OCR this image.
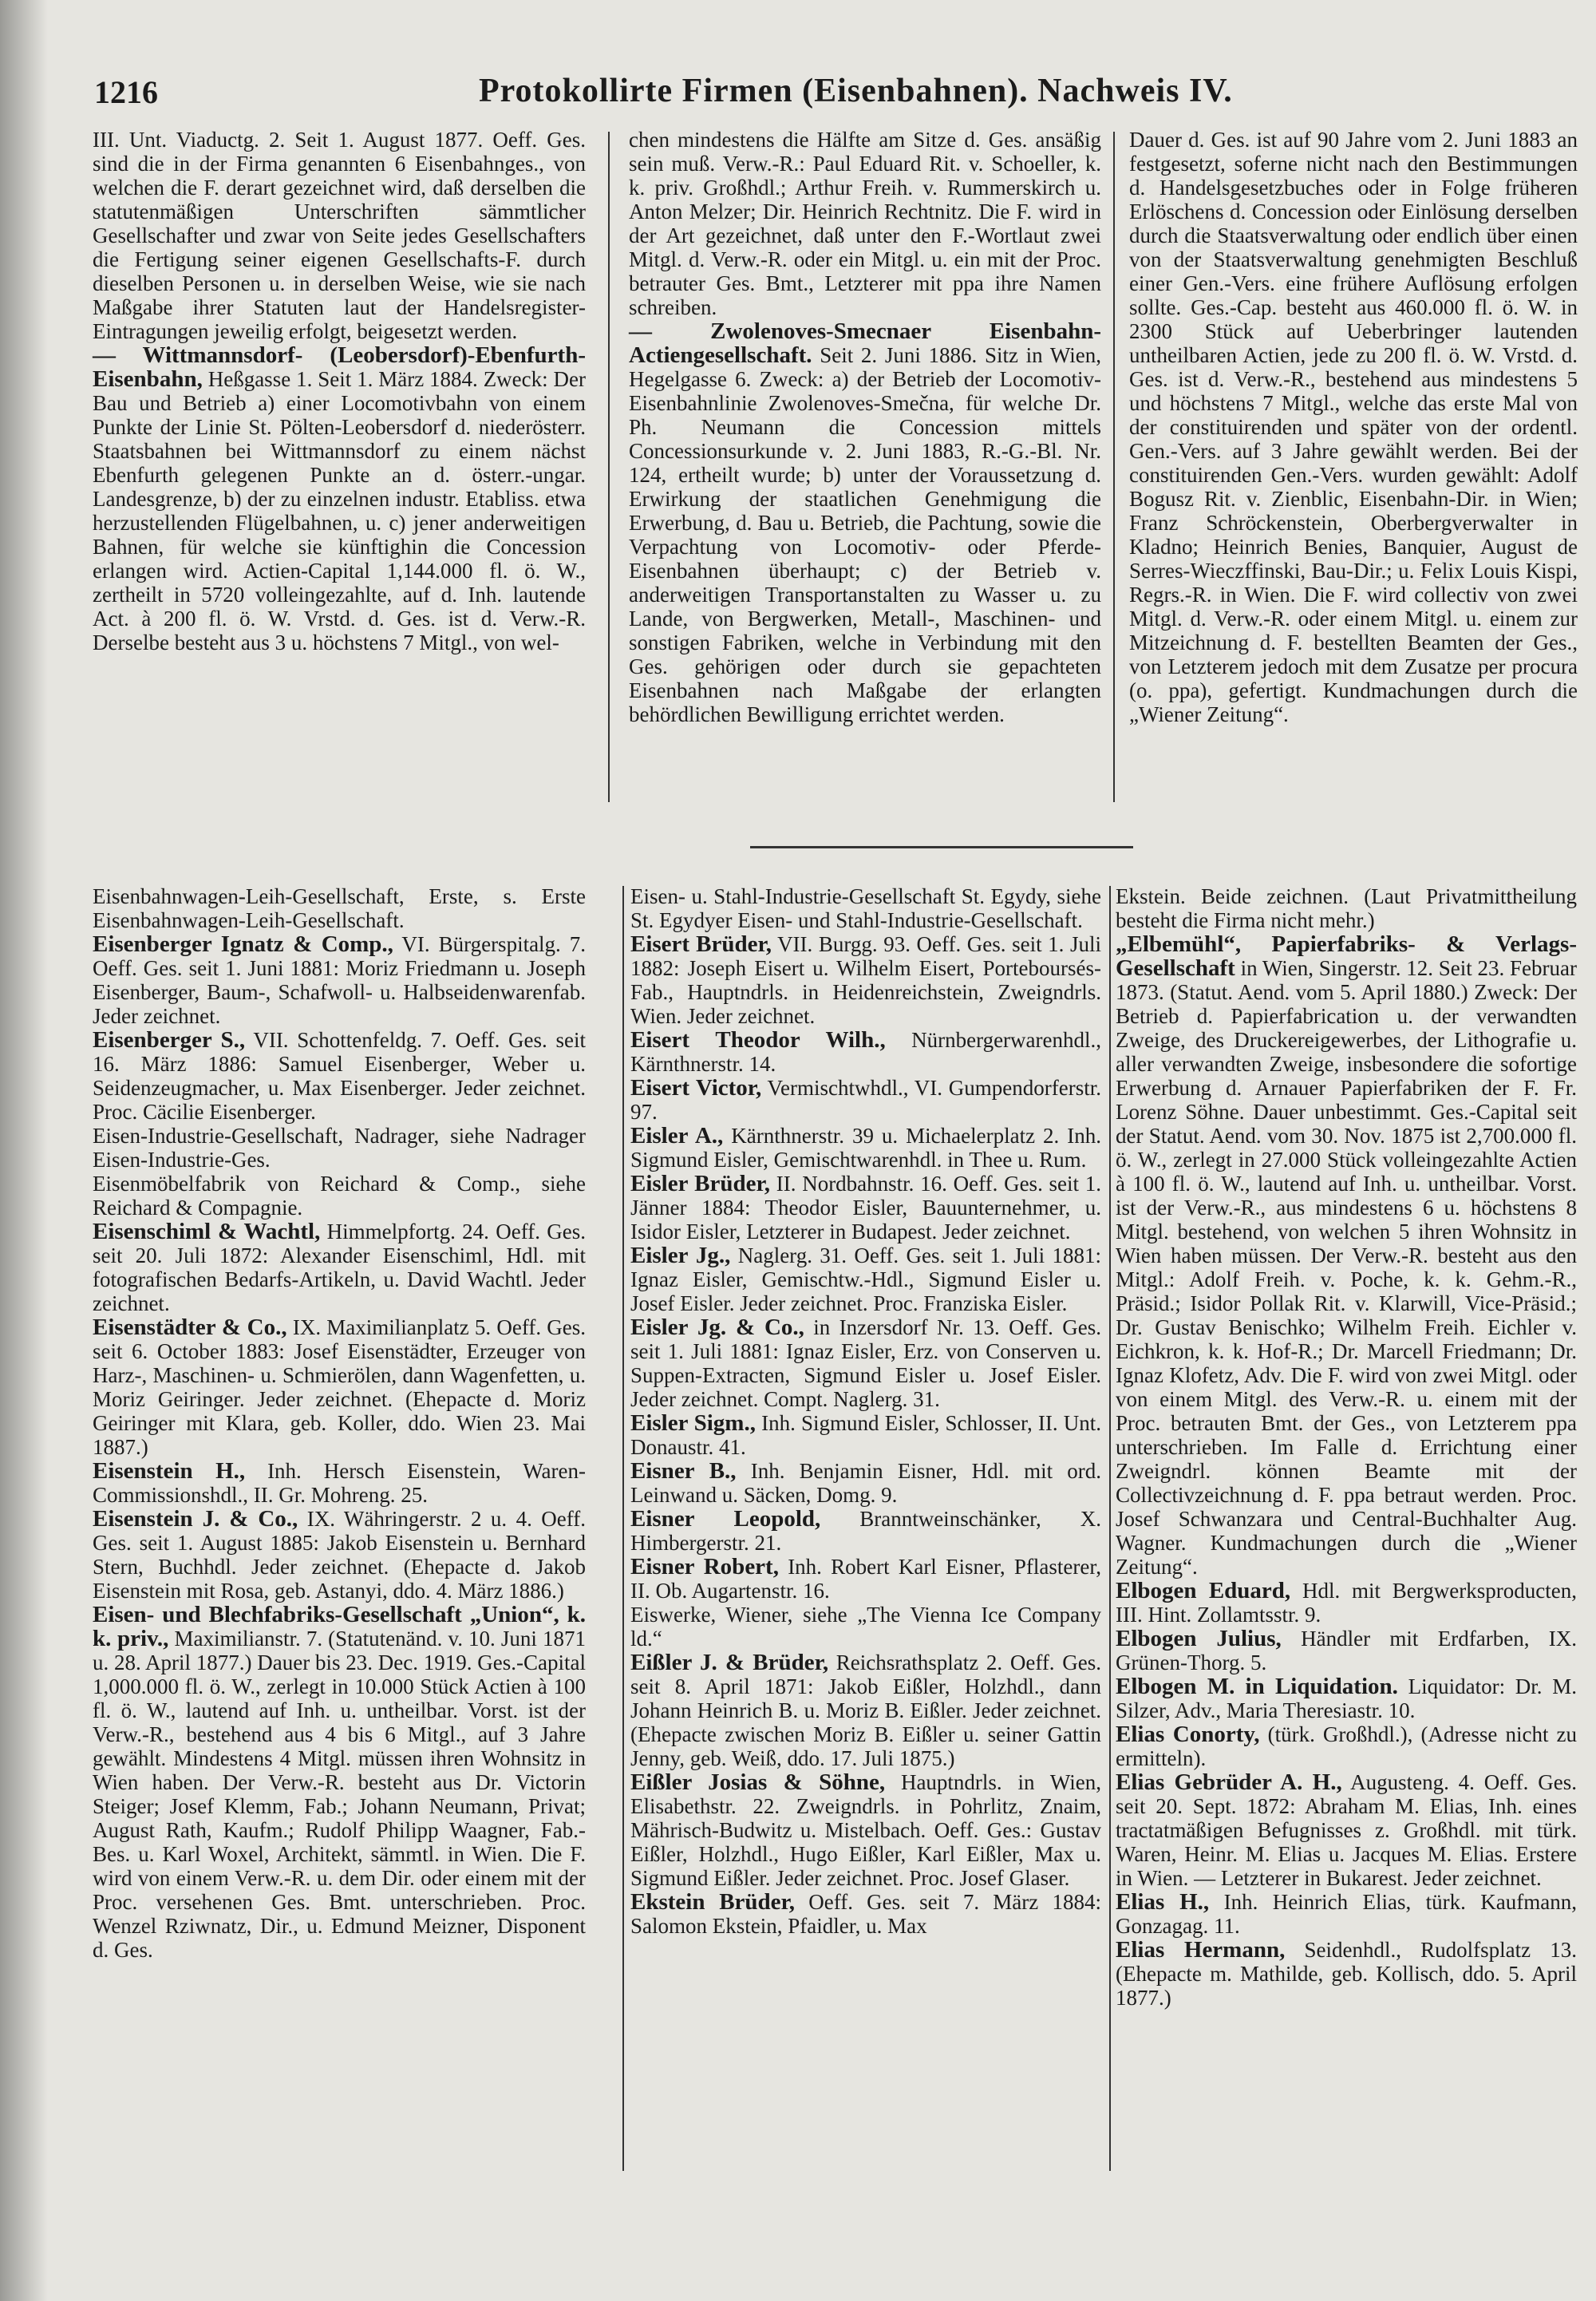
1216	Protokollirte Firmen (Eisenbahnen). Nachweis IV.

III. Unt. Viaductg. 2. Seit 1. August 1877. Oeff. Ges. sind die in der Firma genannten 6 Eisenbahnges., von welchen die F. derart gezeichnet wird, daß derselben die statutenmäßigen Unterschriften sämmtlicher Gesellschafter und zwar von Seite jedes Gesellschafters die Fertigung seiner eigenen Gesellschafts-F. durch dieselben Personen u. in derselben Weise, wie sie nach Maßgabe ihrer Statuten laut der Handelsregister-Eintragungen jeweilig erfolgt, beigesetzt werden.

— Wittmannsdorf- (Leobersdorf)-Ebenfurth-Eisenbahn, Heßgasse 1. Seit 1. März 1884. Zweck: Der Bau und Betrieb a) einer Locomotivbahn von einem Punkte der Linie St. Pölten-Leobersdorf d. niederösterr. Staatsbahnen bei Wittmannsdorf zu einem nächst Ebenfurth gelegenen Punkte an d. österr.-ungar. Landesgrenze, b) der zu einzelnen industr. Etabliss. etwa herzustellenden Flügelbahnen, u. c) jener anderweitigen Bahnen, für welche sie künftighin die Concession erlangen wird. Actien-Capital 1,144.000 fl. ö. W., zertheilt in 5720 volleingezahlte, auf d. Inh. lautende Act. à 200 fl. ö. W. Vrstd. d. Ges. ist d. Verw.-R. Derselbe besteht aus 3 u. höchstens 7 Mitgl., von wel-

chen mindestens die Hälfte am Sitze d. Ges. ansäßig sein muß. Verw.-R.: Paul Eduard Rit. v. Schoeller, k. k. priv. Großhdl.; Arthur Freih. v. Rummerskirch u. Anton Melzer; Dir. Heinrich Rechtnitz. Die F. wird in der Art gezeichnet, daß unter den F.-Wortlaut zwei Mitgl. d. Verw.-R. oder ein Mitgl. u. ein mit der Proc. betrauter Ges. Bmt., Letzterer mit ppa ihre Namen schreiben.

— Zwolenoves-Smecnaer Eisenbahn-Actiengesellschaft. Seit 2. Juni 1886. Sitz in Wien, Hegelgasse 6. Zweck: a) der Betrieb der Locomotiv-Eisenbahnlinie Zwolenoves-Smečna, für welche Dr. Ph. Neumann die Concession mittels Concessionsurkunde v. 2. Juni 1883, R.-G.-Bl. Nr. 124, ertheilt wurde; b) unter der Voraussetzung d. Erwirkung der staatlichen Genehmigung die Erwerbung, d. Bau u. Betrieb, die Pachtung, sowie die Verpachtung von Locomotiv- oder Pferde-Eisenbahnen überhaupt; c) der Betrieb v. anderweitigen Transportanstalten zu Wasser u. zu Lande, von Bergwerken, Metall-, Maschinen- und sonstigen Fabriken, welche in Verbindung mit den Ges. gehörigen oder durch sie gepachteten Eisenbahnen nach Maßgabe der erlangten behördlichen Bewilligung errichtet werden.

Dauer d. Ges. ist auf 90 Jahre vom 2. Juni 1883 an festgesetzt, soferne nicht nach den Bestimmungen d. Handelsgesetzbuches oder in Folge früheren Erlöschens d. Concession oder Einlösung derselben durch die Staatsverwaltung oder endlich über einen von der Staatsverwaltung genehmigten Beschluß einer Gen.-Vers. eine frühere Auflösung erfolgen sollte. Ges.-Cap. besteht aus 460.000 fl. ö. W. in 2300 Stück auf Ueberbringer lautenden untheilbaren Actien, jede zu 200 fl. ö. W. Vrstd. d. Ges. ist d. Verw.-R., bestehend aus mindestens 5 und höchstens 7 Mitgl., welche das erste Mal von der constituirenden und später von der ordentl. Gen.-Vers. auf 3 Jahre gewählt werden. Bei der constituirenden Gen.-Vers. wurden gewählt: Adolf Bogusz Rit. v. Zienblic, Eisenbahn-Dir. in Wien; Franz Schröckenstein, Oberbergverwalter in Kladno; Heinrich Benies, Banquier, August de Serres-Wieczffinski, Bau-Dir.; u. Felix Louis Kispi, Regrs.-R. in Wien. Die F. wird collectiv von zwei Mitgl. d. Verw.-R. oder einem Mitgl. u. einem zur Mitzeichnung d. F. bestellten Beamten der Ges., von Letzterem jedoch mit dem Zusatze per procura (o. ppa), gefertigt. Kundmachungen durch die „Wiener Zeitung“.

Eisenbahnwagen-Leih-Gesellschaft, Erste, s. Erste Eisenbahnwagen-Leih-Gesellschaft.

Eisenberger Ignatz & Comp., VI. Bürgerspitalg. 7. Oeff. Ges. seit 1. Juni 1881: Moriz Friedmann u. Joseph Eisenberger, Baum-, Schafwoll- u. Halbseidenwarenfab. Jeder zeichnet.

Eisenberger S., VII. Schottenfeldg. 7. Oeff. Ges. seit 16. März 1886: Samuel Eisenberger, Weber u. Seidenzeugmacher, u. Max Eisenberger. Jeder zeichnet. Proc. Cäcilie Eisenberger.

Eisen-Industrie-Gesellschaft, Nadrager, siehe Nadrager Eisen-Industrie-Ges.

Eisenmöbelfabrik von Reichard & Comp., siehe Reichard & Compagnie.

Eisenschiml & Wachtl, Himmelpfortg. 24. Oeff. Ges. seit 20. Juli 1872: Alexander Eisenschiml, Hdl. mit fotografischen Bedarfs-Artikeln, u. David Wachtl. Jeder zeichnet.

Eisenstädter & Co., IX. Maximilianplatz 5. Oeff. Ges. seit 6. October 1883: Josef Eisenstädter, Erzeuger von Harz-, Maschinen- u. Schmierölen, dann Wagenfetten, u. Moriz Geiringer. Jeder zeichnet. (Ehepacte d. Moriz Geiringer mit Klara, geb. Koller, ddo. Wien 23. Mai 1887.)

Eisenstein H., Inh. Hersch Eisenstein, Waren-Commissionshdl., II. Gr. Mohreng. 25.

Eisenstein J. & Co., IX. Währingerstr. 2 u. 4. Oeff. Ges. seit 1. August 1885: Jakob Eisenstein u. Bernhard Stern, Buchhdl. Jeder zeichnet. (Ehepacte d. Jakob Eisenstein mit Rosa, geb. Astanyi, ddo. 4. März 1886.)

Eisen- und Blechfabriks-Gesellschaft „Union“, k. k. priv., Maximilianstr. 7. (Statutenänd. v. 10. Juni 1871 u. 28. April 1877.) Dauer bis 23. Dec. 1919. Ges.-Capital 1,000.000 fl. ö. W., zerlegt in 10.000 Stück Actien à 100 fl. ö. W., lautend auf Inh. u. untheilbar. Vorst. ist der Verw.-R., bestehend aus 4 bis 6 Mitgl., auf 3 Jahre gewählt. Mindestens 4 Mitgl. müssen ihren Wohnsitz in Wien haben. Der Verw.-R. besteht aus Dr. Victorin Steiger; Josef Klemm, Fab.; Johann Neumann, Privat; August Rath, Kaufm.; Rudolf Philipp Waagner, Fab.-Bes. u. Karl Woxel, Architekt, sämmtl. in Wien. Die F. wird von einem Verw.-R. u. dem Dir. oder einem mit der Proc. versehenen Ges. Bmt. unterschrieben. Proc. Wenzel Rziwnatz, Dir., u. Edmund Meizner, Disponent d. Ges.

Eisen- u. Stahl-Industrie-Gesellschaft St. Egydy, siehe St. Egydyer Eisen- und Stahl-Industrie-Gesellschaft.

Eisert Brüder, VII. Burgg. 93. Oeff. Ges. seit 1. Juli 1882: Joseph Eisert u. Wilhelm Eisert, Porteboursés-Fab., Hauptndrls. in Heidenreichstein, Zweigndrls. Wien. Jeder zeichnet.

Eisert Theodor Wilh., Nürnbergerwarenhdl., Kärnthnerstr. 14.

Eisert Victor, Vermischtwhdl., VI. Gumpendorferstr. 97.

Eisler A., Kärnthnerstr. 39 u. Michaelerplatz 2. Inh. Sigmund Eisler, Gemischtwarenhdl. in Thee u. Rum.

Eisler Brüder, II. Nordbahnstr. 16. Oeff. Ges. seit 1. Jänner 1884: Theodor Eisler, Bauunternehmer, u. Isidor Eisler, Letzterer in Budapest. Jeder zeichnet.

Eisler Jg., Naglerg. 31. Oeff. Ges. seit 1. Juli 1881: Ignaz Eisler, Gemischtw.-Hdl., Sigmund Eisler u. Josef Eisler. Jeder zeichnet. Proc. Franziska Eisler.

Eisler Jg. & Co., in Inzersdorf Nr. 13. Oeff. Ges. seit 1. Juli 1881: Ignaz Eisler, Erz. von Conserven u. Suppen-Extracten, Sigmund Eisler u. Josef Eisler. Jeder zeichnet. Compt. Naglerg. 31.

Eisler Sigm., Inh. Sigmund Eisler, Schlosser, II. Unt. Donaustr. 41.

Eisner B., Inh. Benjamin Eisner, Hdl. mit ord. Leinwand u. Säcken, Domg. 9.

Eisner Leopold, Branntweinschänker, X. Himbergerstr. 21.

Eisner Robert, Inh. Robert Karl Eisner, Pflasterer, II. Ob. Augartenstr. 16.

Eiswerke, Wiener, siehe „The Vienna Ice Company ld.“

Eißler J. & Brüder, Reichsrathsplatz 2. Oeff. Ges. seit 8. April 1871: Jakob Eißler, Holzhdl., dann Johann Heinrich B. u. Moriz B. Eißler. Jeder zeichnet. (Ehepacte zwischen Moriz B. Eißler u. seiner Gattin Jenny, geb. Weiß, ddo. 17. Juli 1875.)

Eißler Josias & Söhne, Hauptndrls. in Wien, Elisabethstr. 22. Zweigndrls. in Pohrlitz, Znaim, Mährisch-Budwitz u. Mistelbach. Oeff. Ges.: Gustav Eißler, Holzhdl., Hugo Eißler, Karl Eißler, Max u. Sigmund Eißler. Jeder zeichnet. Proc. Josef Glaser.

Ekstein Brüder, Oeff. Ges. seit 7. März 1884: Salomon Ekstein, Pfaidler, u. Max

Ekstein. Beide zeichnen. (Laut Privatmittheilung besteht die Firma nicht mehr.)

„Elbemühl“, Papierfabriks- & Verlags-Gesellschaft in Wien, Singerstr. 12. Seit 23. Februar 1873. (Statut. Aend. vom 5. April 1880.) Zweck: Der Betrieb d. Papierfabrication u. der verwandten Zweige, des Druckereigewerbes, der Lithografie u. aller verwandten Zweige, insbesondere die sofortige Erwerbung d. Arnauer Papierfabriken der F. Fr. Lorenz Söhne. Dauer unbestimmt. Ges.-Capital seit der Statut. Aend. vom 30. Nov. 1875 ist 2,700.000 fl. ö. W., zerlegt in 27.000 Stück volleingezahlte Actien à 100 fl. ö. W., lautend auf Inh. u. untheilbar. Vorst. ist der Verw.-R., aus mindestens 6 u. höchstens 8 Mitgl. bestehend, von welchen 5 ihren Wohnsitz in Wien haben müssen. Der Verw.-R. besteht aus den Mitgl.: Adolf Freih. v. Poche, k. k. Gehm.-R., Präsid.; Isidor Pollak Rit. v. Klarwill, Vice-Präsid.; Dr. Gustav Benischko; Wilhelm Freih. Eichler v. Eichkron, k. k. Hof-R.; Dr. Marcell Friedmann; Dr. Ignaz Klofetz, Adv. Die F. wird von zwei Mitgl. oder von einem Mitgl. des Verw.-R. u. einem mit der Proc. betrauten Bmt. der Ges., von Letzterem ppa unterschrieben. Im Falle d. Errichtung einer Zweigndrl. können Beamte mit der Collectivzeichnung d. F. ppa betraut werden. Proc. Josef Schwanzara und Central-Buchhalter Aug. Wagner. Kundmachungen durch die „Wiener Zeitung“.

Elbogen Eduard, Hdl. mit Bergwerksproducten, III. Hint. Zollamtsstr. 9.

Elbogen Julius, Händler mit Erdfarben, IX. Grünen-Thorg. 5.

Elbogen M. in Liquidation. Liquidator: Dr. M. Silzer, Adv., Maria Theresiastr. 10.

Elias Conorty, (türk. Großhdl.), (Adresse nicht zu ermitteln).

Elias Gebrüder A. H., Augusteng. 4. Oeff. Ges. seit 20. Sept. 1872: Abraham M. Elias, Inh. eines tractatmäßigen Befugnisses z. Großhdl. mit türk. Waren, Heinr. M. Elias u. Jacques M. Elias. Erstere in Wien. — Letzterer in Bukarest. Jeder zeichnet.

Elias H., Inh. Heinrich Elias, türk. Kaufmann, Gonzagag. 11.

Elias Hermann, Seidenhdl., Rudolfsplatz 13. (Ehepacte m. Mathilde, geb. Kollisch, ddo. 5. April 1877.)
